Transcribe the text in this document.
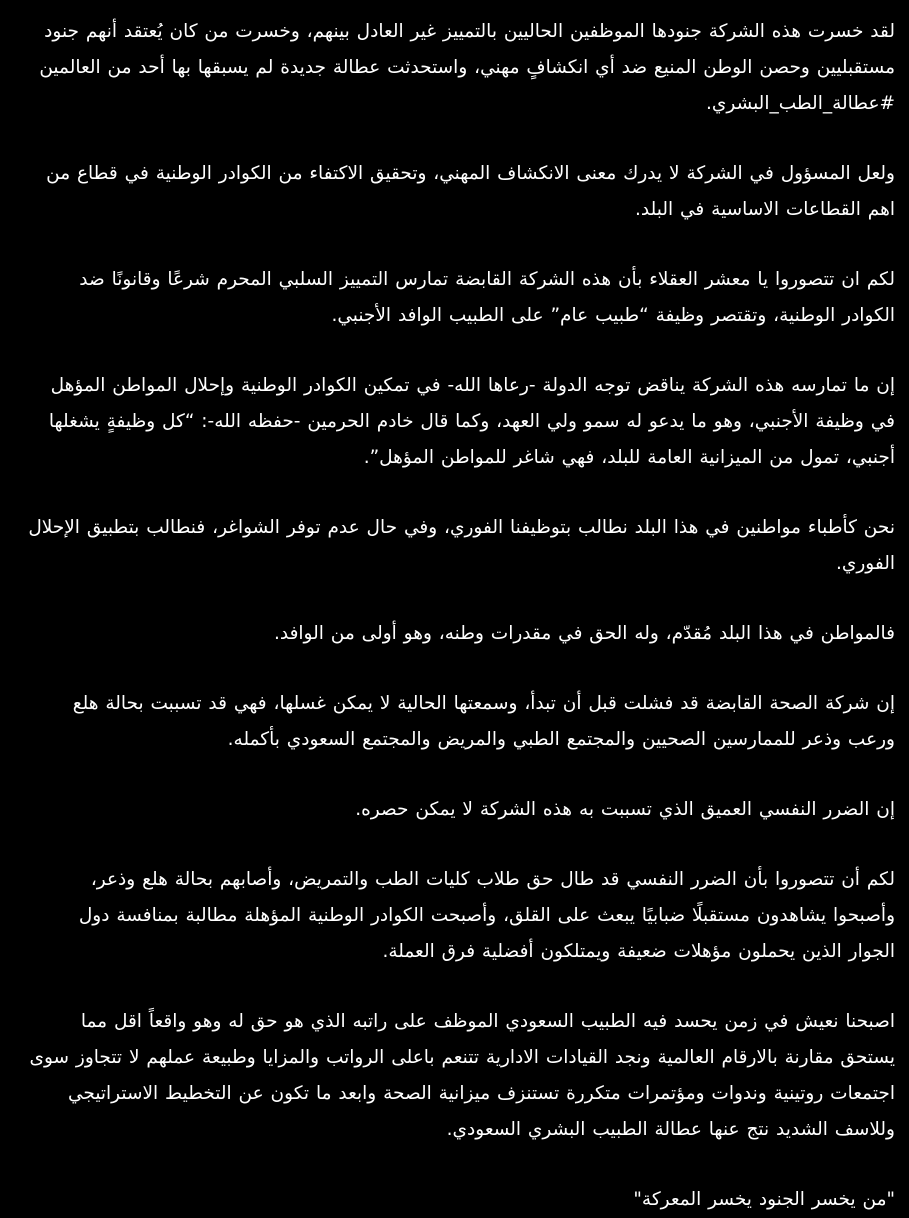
لقد خسرت هذه الشركة جنودها الموظفين الحاليين بالتمييز غير العادل بينهم، وخسرت من كان يُعتقد أنهم جنود مستقبليين وحصن الوطن المنيع ضد أي انكشافٍ مهني، واستحدثت عطالة جديدة لم يسبقها بها أحد من العالمين #عطالة_الطب_البشري.

ولعل المسؤول في الشركة لا يدرك معنى الانكشاف المهني، وتحقيق الاكتفاء من الكوادر الوطنية في قطاع من اهم القطاعات الاساسية في البلد.

لكم ان تتصوروا يا معشر العقلاء بأن هذه الشركة القابضة تمارس التمييز السلبي المحرم شرعًا وقانونًا ضد الكوادر الوطنية، وتقتصر وظيفة “طبيب عام” على الطبيب الوافد الأجنبي.

إن ما تمارسه هذه الشركة يناقض توجه الدولة -رعاها الله- في تمكين الكوادر الوطنية وإحلال المواطن المؤهل في وظيفة الأجنبي، وهو ما يدعو له سمو ولي العهد، وكما قال خادم الحرمين -حفظه الله-: “كل وظيفةٍ يشغلها أجنبي، تمول من الميزانية العامة للبلد، فهي شاغر للمواطن المؤهل”.

نحن كأطباء مواطنين في هذا البلد نطالب بتوظيفنا الفوري، وفي حال عدم توفر الشواغر، فنطالب بتطبيق الإحلال الفوري.

فالمواطن في هذا البلد مُقدّم، وله الحق في مقدرات وطنه، وهو أولى من الوافد.

إن شركة الصحة القابضة قد فشلت قبل أن تبدأ، وسمعتها الحالية لا يمكن غسلها، فهي قد تسببت بحالة هلع ورعب وذعر للممارسين الصحيين والمجتمع الطبي والمريض والمجتمع السعودي بأكمله.

إن الضرر النفسي العميق الذي تسببت به هذه الشركة لا يمكن حصره.

لكم أن تتصوروا بأن الضرر النفسي قد طال حق طلاب كليات الطب والتمريض، وأصابهم بحالة هلع وذعر، وأصبحوا يشاهدون مستقبلًا ضبابيًا يبعث على القلق، وأصبحت الكوادر الوطنية المؤهلة مطالبة بمنافسة دول الجوار الذين يحملون مؤهلات ضعيفة ويمتلكون أفضلية فرق العملة.

اصبحنا نعيش في زمن يحسد فيه الطبيب السعودي الموظف على راتبه الذي هو حق له وهو واقعاً اقل مما يستحق مقارنة بالارقام العالمية ونجد القيادات الادارية تتنعم باعلى الرواتب والمزايا وطبيعة عملهم لا تتجاوز سوى اجتمعات روتينية وندوات ومؤتمرات متكررة تستنزف ميزانية الصحة وابعد ما تكون عن التخطيط الاستراتيجي وللاسف الشديد نتج عنها عطالة الطبيب البشري السعودي.

"من يخسر الجنود يخسر المعركة"
